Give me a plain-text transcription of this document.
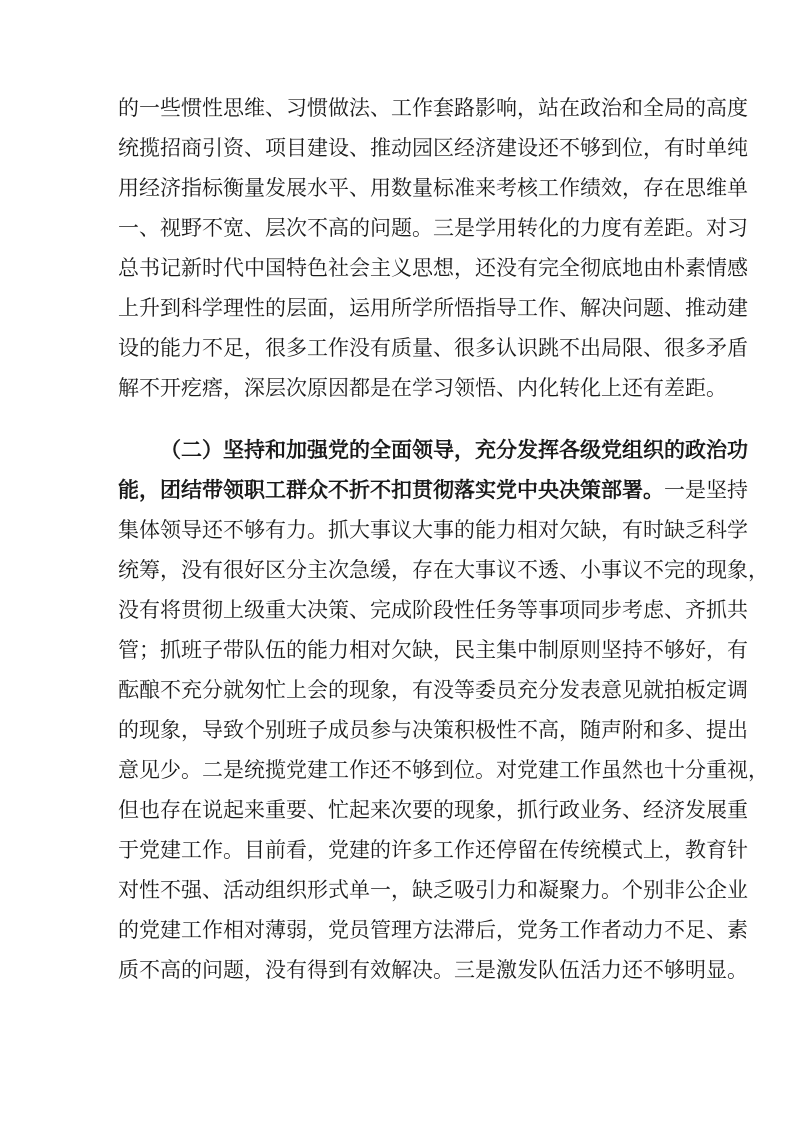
的一些惯性思维、习惯做法、工作套路影响，站在政治和全局的高度
统揽招商引资、项目建设、推动园区经济建设还不够到位，有时单纯
用经济指标衡量发展水平、用数量标准来考核工作绩效，存在思维单
一、视野不宽、层次不高的问题。三是学用转化的力度有差距。对习
总书记新时代中国特色社会主义思想，还没有完全彻底地由朴素情感
上升到科学理性的层面，运用所学所悟指导工作、解决问题、推动建
设的能力不足，很多工作没有质量、很多认识跳不出局限、很多矛盾
解不开疙瘩，深层次原因都是在学习领悟、内化转化上还有差距。
（二）坚持和加强党的全面领导，充分发挥各级党组织的政治功
能，团结带领职工群众不折不扣贯彻落实党中央决策部署。一是坚持
集体领导还不够有力。抓大事议大事的能力相对欠缺，有时缺乏科学
统筹，没有很好区分主次急缓，存在大事议不透、小事议不完的现象，
没有将贯彻上级重大决策、完成阶段性任务等事项同步考虑、齐抓共
管；抓班子带队伍的能力相对欠缺，民主集中制原则坚持不够好，有
酝酿不充分就匆忙上会的现象，有没等委员充分发表意见就拍板定调
的现象，导致个别班子成员参与决策积极性不高，随声附和多、提出
意见少。二是统揽党建工作还不够到位。对党建工作虽然也十分重视，
但也存在说起来重要、忙起来次要的现象，抓行政业务、经济发展重
于党建工作。目前看，党建的许多工作还停留在传统模式上，教育针
对性不强、活动组织形式单一，缺乏吸引力和凝聚力。个别非公企业
的党建工作相对薄弱，党员管理方法滞后，党务工作者动力不足、素
质不高的问题，没有得到有效解决。三是激发队伍活力还不够明显。
